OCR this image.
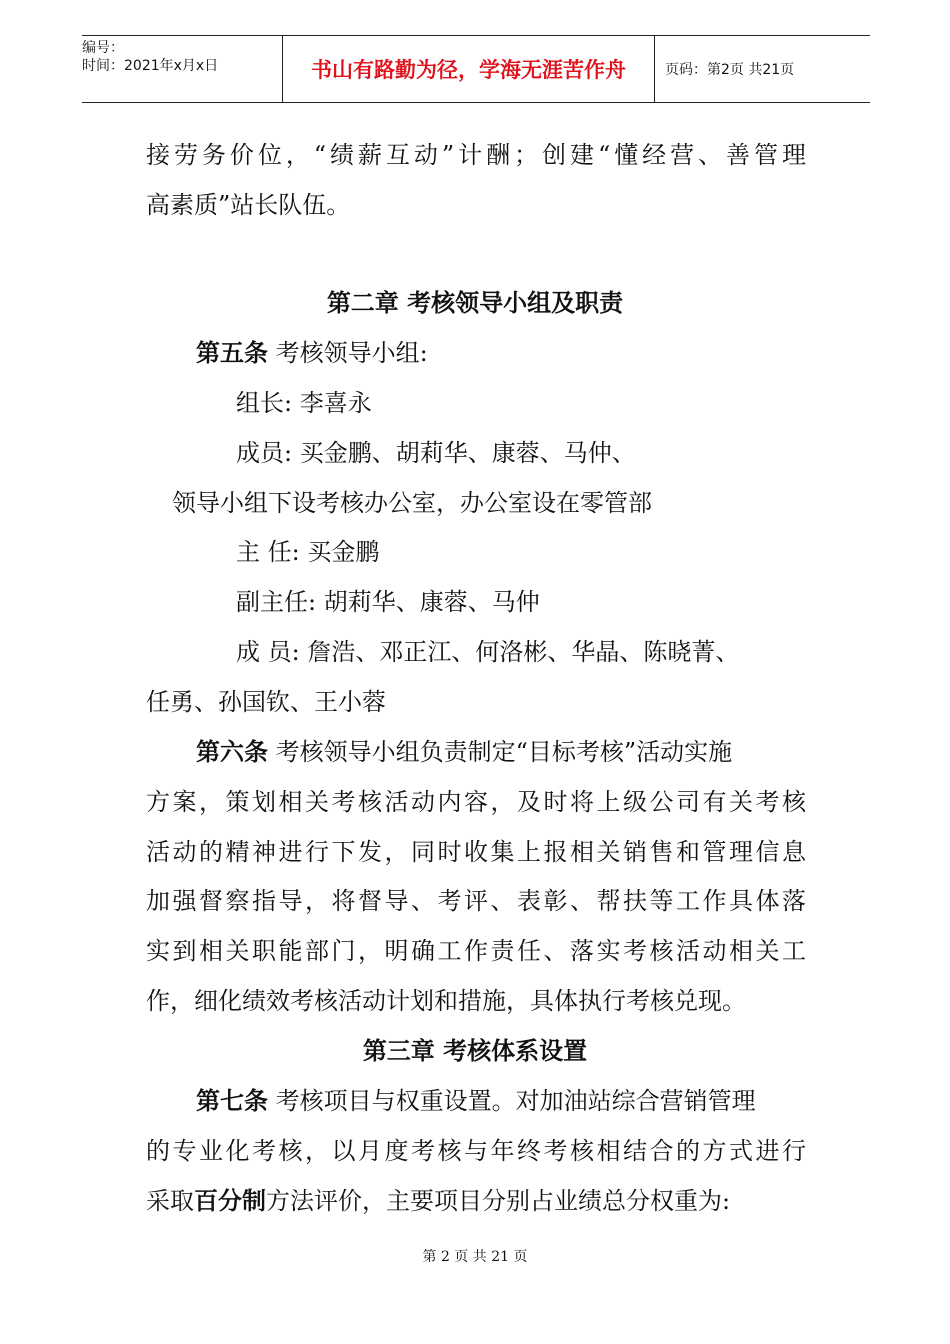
编号：
时间：2021年x月x日	书山有路勤为径，学海无涯苦作舟	页码：第2页 共21页
接劳务价位，“绩薪互动”计酬；创建“懂经营、善管理
高素质”站长队伍。
第二章 考核领导小组及职责
第五条 考核领导小组:
组长: 李喜永
成员: 买金鹏、胡莉华、康蓉、马仲、
领导小组下设考核办公室，办公室设在零管部
主 任: 买金鹏
副主任: 胡莉华、康蓉、马仲
成 员: 詹浩、邓正江、何洛彬、华晶、陈晓菁、
任勇、孙国钦、王小蓉
第六条 考核领导小组负责制定“目标考核”活动实施
方案，策划相关考核活动内容，及时将上级公司有关考核
活动的精神进行下发，同时收集上报相关销售和管理信息
加强督察指导，将督导、考评、表彰、帮扶等工作具体落
实到相关职能部门，明确工作责任、落实考核活动相关工
作，细化绩效考核活动计划和措施，具体执行考核兑现。
第三章 考核体系设置
第七条 考核项目与权重设置。对加油站综合营销管理
的专业化考核，以月度考核与年终考核相结合的方式进行
采取百分制方法评价，主要项目分别占业绩总分权重为:
第 2 页 共 21 页
